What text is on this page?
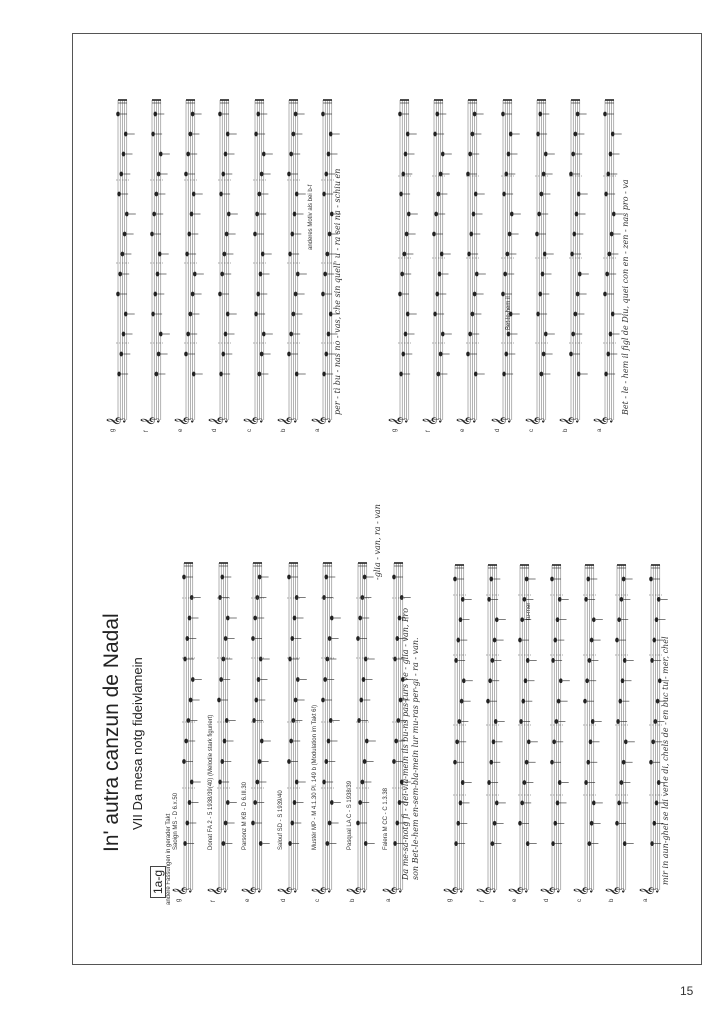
In' autra canzun de Nadal VII Da mesa notg fideivlamein
1a-g 𝄞
g
𝄞
f
𝄞
e
𝄞
d
𝄞
c
𝄞
b
𝄞
a
𝄞
g
𝄞
f
𝄞
e
𝄞
d
𝄞
c
𝄞
b
𝄞
a
𝄞
g
𝄞
f
𝄞
e
𝄞
d
𝄞
c
𝄞
b
𝄞
a
𝄞
g
𝄞
f
𝄞
e
𝄞
d
𝄞
c
𝄞
b
𝄞
a
Saoign MS - D 6.x.50	Donat FA 2 - 5 1938/39(40) (Melodie stark figuriert)	Parsonz M KB - D 6.III.30	Salouf SD - S 1939/40	Mustér MP - M 4.1.30 Pl. 149 b (Modulation im Takt 6!)	Pasqual LA C - S 1938/39	Falera M CC - C 1.3.38
andere Fassungen in gerader Takt	Da me-sa-notg fi - dei-vla-mein ils bu-ns pas-turs ve - glia - van, Pro son Bet-le-hem en-sem-bla-mein lur mu-ras per-gi - ra - van.
-glia - van, ra - van
mir in aun-ghel se lai ver e di, chels de - en buc tu - mer, chel
tu-mer
per - tì bu - nas no - vas, che sin quell' u - ra sei na - schiu en
anderes Motiv als bei b-f	Bet - le - hem il figl de Diu, quei con en - zen - nas pro - va
Bet-le-hem il
15
